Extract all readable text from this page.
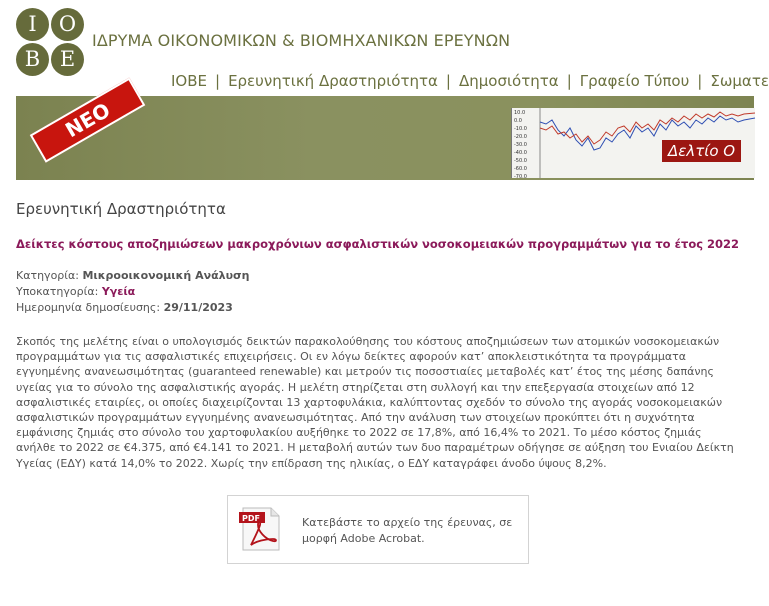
Ι	Ο
Β Ε
ΙΔΡΥΜΑ ΟΙΚΟΝΟΜΙΚΩΝ & ΒΙΟΜΗΧΑΝΙΚΩΝ ΕΡΕΥΝΩΝ
ΙΟΒΕ | Ερευνητική Δραστηριότητα | Δημοσιότητα | Γραφείο Τύπου | Σωματε
10.0
0.0
-10.0
-20.0
-30.0
-40.0
-50.0
-60.0
-70.0
Δελτίο Ο
ΝΕΟ
Ερευνητική Δραστηριότητα
Δείκτες κόστους αποζημιώσεων μακροχρόνιων ασφαλιστικών νοσοκομειακών προγραμμάτων για το έτος 2022
Κατηγορία: Μικροοικονομική Ανάλυση
Υποκατηγορία: Υγεία
Ημερομηνία δημοσίευσης: 29/11/2023
Σκοπός της μελέτης είναι ο υπολογισμός δεικτών παρακολούθησης του κόστους αποζημιώσεων των ατομικών νοσοκομειακών προγραμμάτων για τις ασφαλιστικές επιχειρήσεις. Οι εν λόγω δείκτες αφορούν κατ’ αποκλειστικότητα τα προγράμματα εγγυημένης ανανεωσιμότητας (guaranteed renewable) και μετρούν τις ποσοστιαίες μεταβολές κατ’ έτος της μέσης δαπάνης υγείας για το σύνολο της ασφαλιστικής αγοράς. Η μελέτη στηρίζεται στη συλλογή και την επεξεργασία στοιχείων από 12 ασφαλιστικές εταιρίες, οι οποίες διαχειρίζονται 13 χαρτοφυλάκια, καλύπτοντας σχεδόν το σύνολο της αγοράς νοσοκομειακών ασφαλιστικών προγραμμάτων εγγυημένης ανανεωσιμότητας. Από την ανάλυση των στοιχείων προκύπτει ότι η συχνότητα εμφάνισης ζημιάς στο σύνολο του χαρτοφυλακίου αυξήθηκε το 2022 σε 17,8%, από 16,4% το 2021. Το μέσο κόστος ζημιάς ανήλθε το 2022 σε €4.375, από €4.141 το 2021. Η μεταβολή αυτών των δυο παραμέτρων οδήγησε σε αύξηση του Ενιαίου Δείκτη Υγείας (ΕΔΥ) κατά 14,0% το 2022. Χωρίς την επίδραση της ηλικίας, ο ΕΔΥ καταγράφει άνοδο ύψους 8,2%.
PDF	Κατεβάστε το αρχείο της έρευνας, σε μορφή Adobe Acrobat.
